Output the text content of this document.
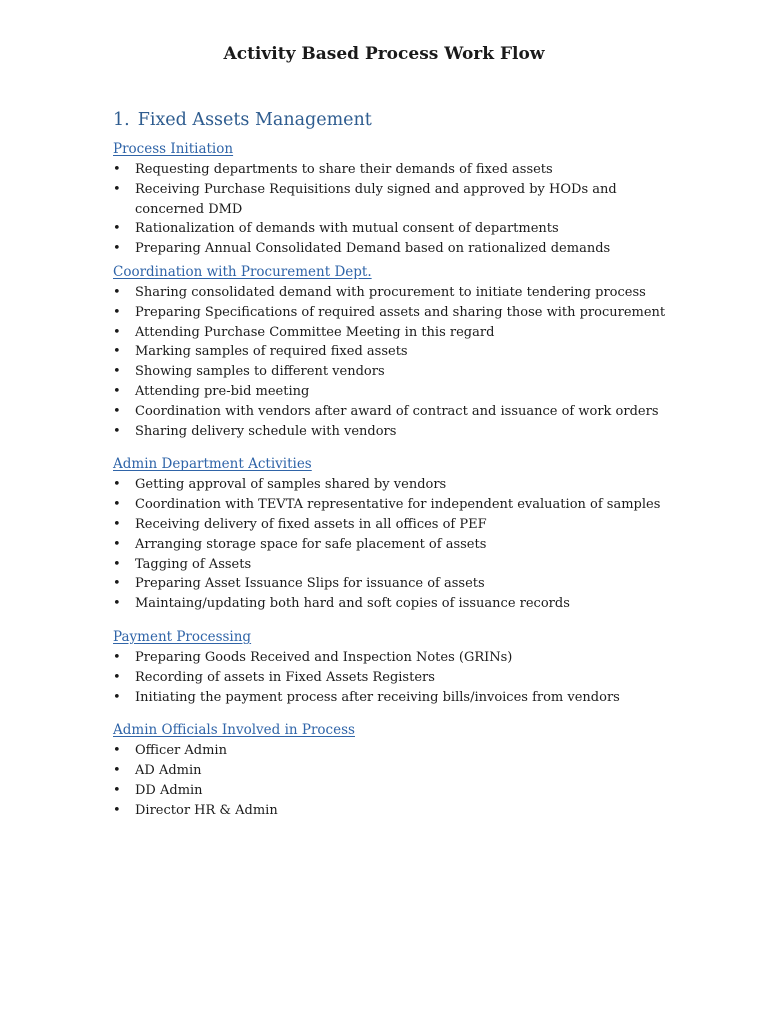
Activity Based Process Work Flow
1. Fixed Assets Management

Process Initiation

• Requesting departments to share their demands of fixed assets
• Receiving Purchase Requisitions duly signed and approved by HODs and concerned DMD
• Rationalization of demands with mutual consent of departments
• Preparing Annual Consolidated Demand based on rationalized demands

Coordination with Procurement Dept.

• Sharing consolidated demand with procurement to initiate tendering process
• Preparing Specifications of required assets and sharing those with procurement
• Attending Purchase Committee Meeting in this regard
• Marking samples of required fixed assets
• Showing samples to different vendors
• Attending pre-bid meeting
• Coordination with vendors after award of contract and issuance of work orders
• Sharing delivery schedule with vendors

Admin Department Activities

• Getting approval of samples shared by vendors
• Coordination with TEVTA representative for independent evaluation of samples
• Receiving delivery of fixed assets in all offices of PEF
• Arranging storage space for safe placement of assets
• Tagging of Assets
• Preparing Asset Issuance Slips for issuance of assets
• Maintaing/updating both hard and soft copies of issuance records

Payment Processing

• Preparing Goods Received and Inspection Notes (GRINs)
• Recording of assets in Fixed Assets Registers
• Initiating the payment process after receiving bills/invoices from vendors

Admin Officials Involved in Process

• Officer Admin
• AD Admin
• DD Admin
• Director HR & Admin
